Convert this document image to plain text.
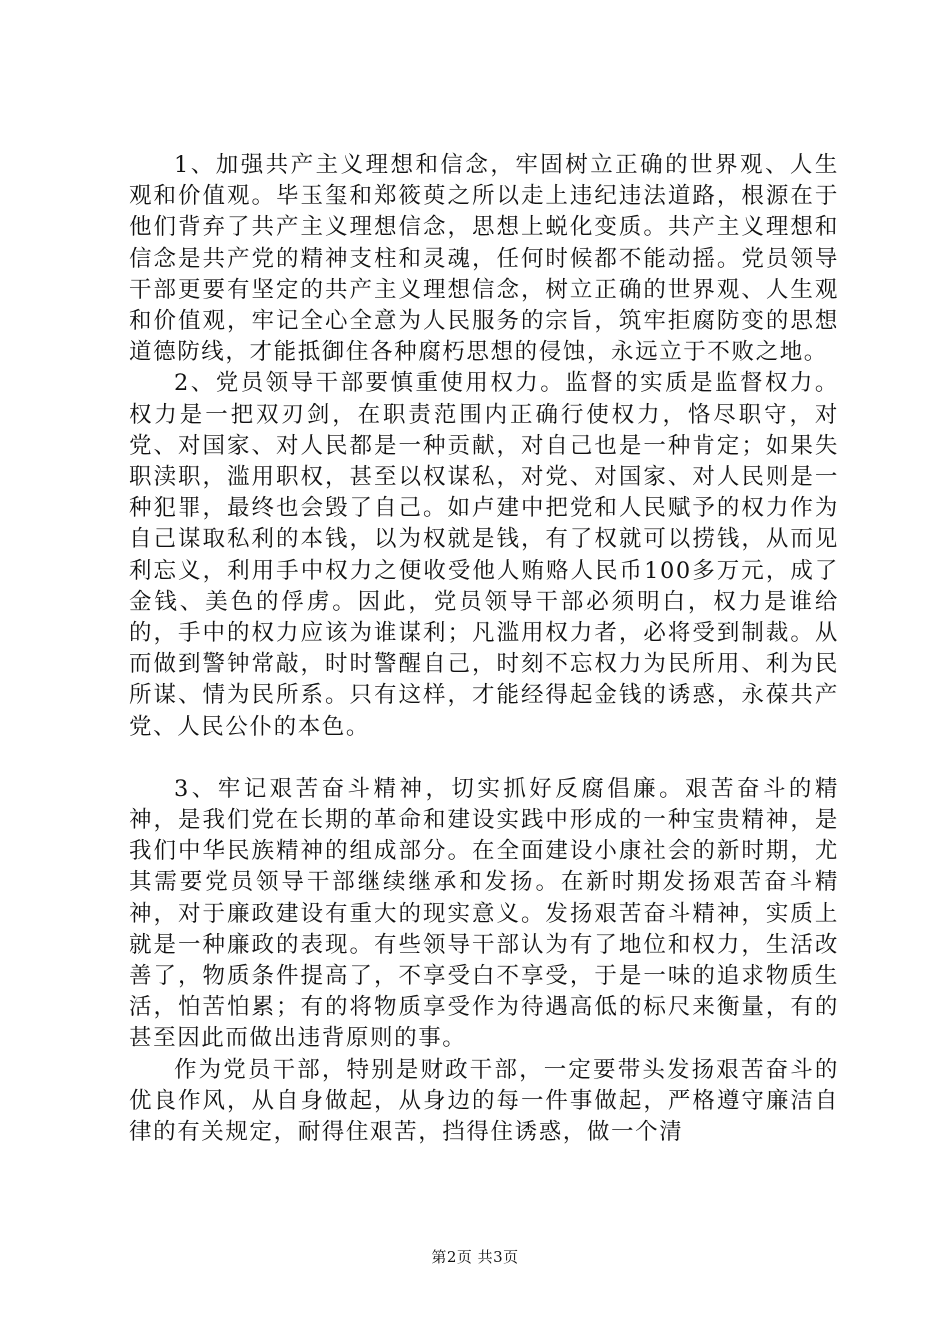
1、加强共产主义理想和信念，牢固树立正确的世界观、人生观和价值观。毕玉玺和郑筱萸之所以走上违纪违法道路，根源在于他们背弃了共产主义理想信念，思想上蜕化变质。共产主义理想和信念是共产党的精神支柱和灵魂，任何时候都不能动摇。党员领导干部更要有坚定的共产主义理想信念，树立正确的世界观、人生观和价值观，牢记全心全意为人民服务的宗旨，筑牢拒腐防变的思想道德防线，才能抵御住各种腐朽思想的侵蚀，永远立于不败之地。

2、党员领导干部要慎重使用权力。监督的实质是监督权力。权力是一把双刃剑，在职责范围内正确行使权力，恪尽职守，对党、对国家、对人民都是一种贡献，对自己也是一种肯定；如果失职渎职，滥用职权，甚至以权谋私，对党、对国家、对人民则是一种犯罪，最终也会毁了自己。如卢建中把党和人民赋予的权力作为自己谋取私利的本钱，以为权就是钱，有了权就可以捞钱，从而见利忘义，利用手中权力之便收受他人贿赂人民币100多万元，成了金钱、美色的俘虏。因此，党员领导干部必须明白，权力是谁给的，手中的权力应该为谁谋利；凡滥用权力者，必将受到制裁。从而做到警钟常敲，时时警醒自己，时刻不忘权力为民所用、利为民所谋、情为民所系。只有这样，才能经得起金钱的诱惑，永葆共产党、人民公仆的本色。

3、牢记艰苦奋斗精神，切实抓好反腐倡廉。艰苦奋斗的精神，是我们党在长期的革命和建设实践中形成的一种宝贵精神，是我们中华民族精神的组成部分。在全面建设小康社会的新时期，尤其需要党员领导干部继续继承和发扬。在新时期发扬艰苦奋斗精神，对于廉政建设有重大的现实意义。发扬艰苦奋斗精神，实质上就是一种廉政的表现。有些领导干部认为有了地位和权力，生活改善了，物质条件提高了，不享受白不享受，于是一味的追求物质生活，怕苦怕累；有的将物质享受作为待遇高低的标尺来衡量，有的甚至因此而做出违背原则的事。

作为党员干部，特别是财政干部，一定要带头发扬艰苦奋斗的优良作风，从自身做起，从身边的每一件事做起，严格遵守廉洁自律的有关规定，耐得住艰苦，挡得住诱惑，做一个清

第2页 共3页
